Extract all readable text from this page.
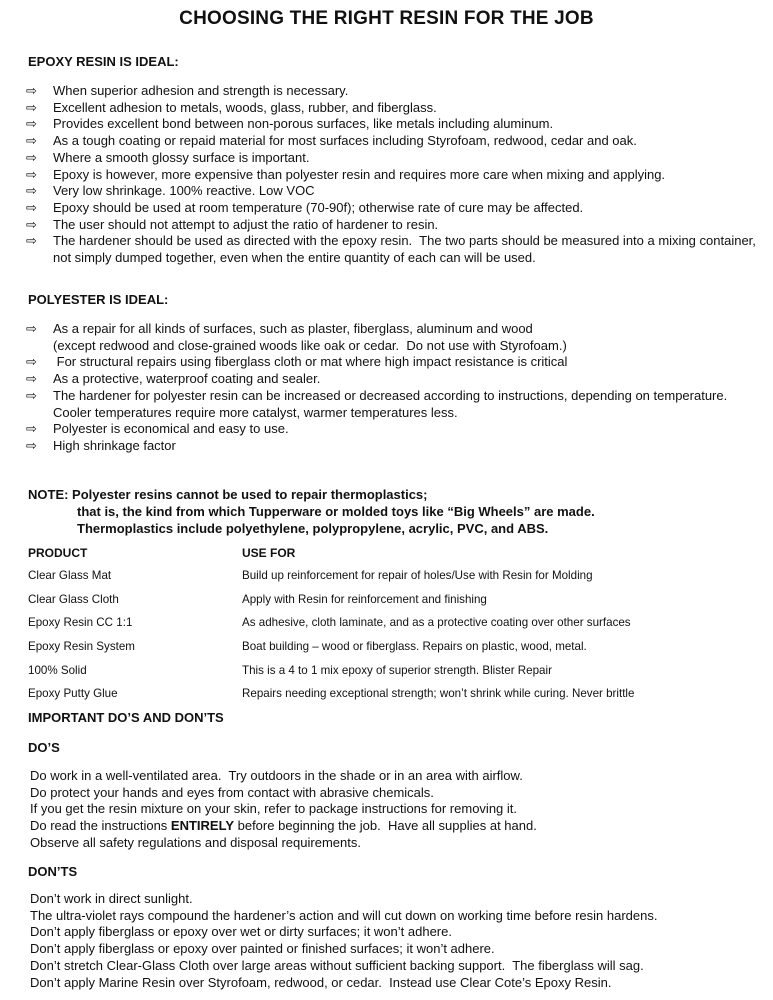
CHOOSING THE RIGHT RESIN FOR THE JOB
EPOXY RESIN IS IDEAL:
⇨	When superior adhesion and strength is necessary.
⇨	Excellent adhesion to metals, woods, glass, rubber, and fiberglass.
⇨	Provides excellent bond between non-porous surfaces, like metals including aluminum.
⇨	As a tough coating or repaid material for most surfaces including Styrofoam, redwood, cedar and oak.
⇨	Where a smooth glossy surface is important.
⇨	Epoxy is however, more expensive than polyester resin and requires more care when mixing and applying.
⇨	Very low shrinkage. 100% reactive. Low VOC
⇨	Epoxy should be used at room temperature (70-90f); otherwise rate of cure may be affected.
⇨	The user should not attempt to adjust the ratio of hardener to resin.
⇨	The hardener should be used as directed with the epoxy resin.  The two parts should be measured into a mixing container, not simply dumped together, even when the entire quantity of each can will be used.
POLYESTER IS IDEAL:
⇨	As a repair for all kinds of surfaces, such as plaster, fiberglass, aluminum and wood
(except redwood and close-grained woods like oak or cedar.  Do not use with Styrofoam.)
⇨	For structural repairs using fiberglass cloth or mat where high impact resistance is critical
⇨	As a protective, waterproof coating and sealer.
⇨	The hardener for polyester resin can be increased or decreased according to instructions, depending on temperature.  Cooler temperatures require more catalyst, warmer temperatures less.
⇨	Polyester is economical and easy to use.
⇨	High shrinkage factor
NOTE: Polyester resins cannot be used to repair thermoplastics;
that is, the kind from which Tupperware or molded toys like “Big Wheels” are made.
Thermoplastics include polyethylene, polypropylene, acrylic, PVC, and ABS.
PRODUCT	USE FOR
Clear Glass Mat	Build up reinforcement for repair of holes/Use with Resin for Molding
Clear Glass Cloth	Apply with Resin for reinforcement and finishing
Epoxy Resin CC 1:1	As adhesive, cloth laminate, and as a protective coating over other surfaces
Epoxy Resin System	Boat building – wood or fiberglass. Repairs on plastic, wood, metal.
100% Solid	This is a 4 to 1 mix epoxy of superior strength. Blister Repair
Epoxy Putty Glue	Repairs needing exceptional strength; won’t shrink while curing. Never brittle
IMPORTANT DO’S AND DON’TS
DO’S
Do work in a well-ventilated area.  Try outdoors in the shade or in an area with airflow.
Do protect your hands and eyes from contact with abrasive chemicals.
If you get the resin mixture on your skin, refer to package instructions for removing it.
Do read the instructions ENTIRELY before beginning the job.  Have all supplies at hand.
Observe all safety regulations and disposal requirements.
DON’TS
Don’t work in direct sunlight.
The ultra-violet rays compound the hardener’s action and will cut down on working time before resin hardens.
Don’t apply fiberglass or epoxy over wet or dirty surfaces; it won’t adhere.
Don’t apply fiberglass or epoxy over painted or finished surfaces; it won’t adhere.
Don’t stretch Clear-Glass Cloth over large areas without sufficient backing support.  The fiberglass will sag.
Don’t apply Marine Resin over Styrofoam, redwood, or cedar.  Instead use Clear Cote’s Epoxy Resin.
